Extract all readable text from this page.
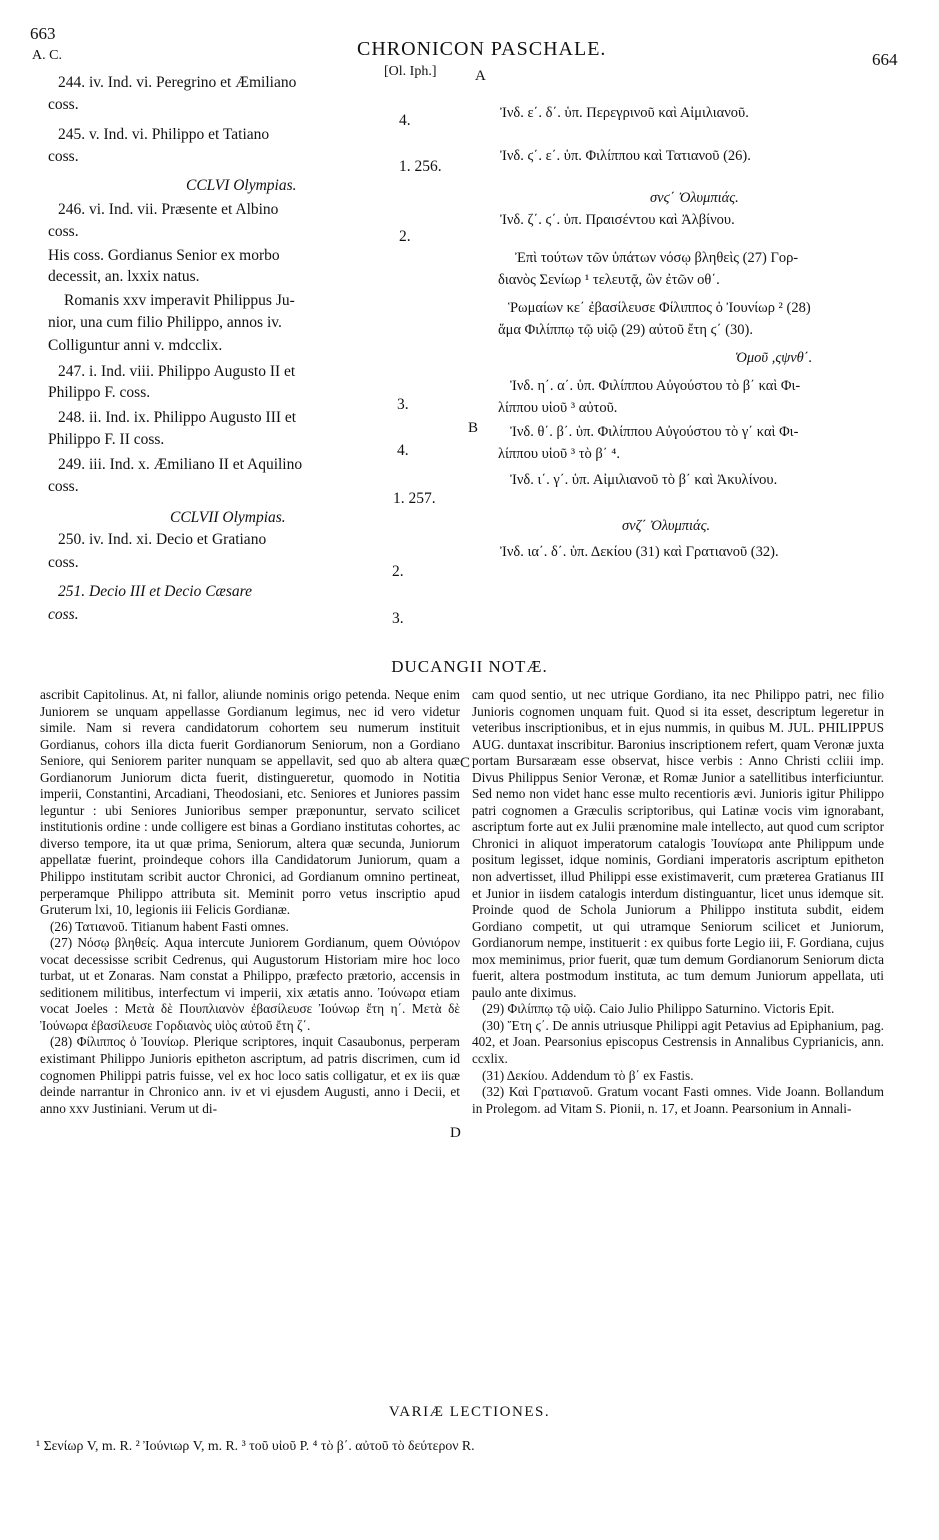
663
CHRONICON PASCHALE.	664
A. C.
[Ol. Iph.]	A
244. iv. Ind. vi. Peregrino et Æmiliano
coss.
245. v. Ind. vi. Philippo et Tatiano
coss.
246. vi. Ind. vii. Præsente et Albino
coss.
His coss. Gordianus Senior ex morbo
decessit, an. lxxix natus.
Romanis xxv imperavit Philippus Ju-
nior, una cum filio Philippo, annos iv.
Colliguntur anni v. mdcclix.
247. i. Ind. viii. Philippo Augusto II et
Philippo F. coss.
248. ii. Ind. ix. Philippo Augusto III et
Philippo F. II coss.
249. iii. Ind. x. Æmiliano II et Aquilino
coss.
250. iv. Ind. xi. Decio et Gratiano
coss.
251. Decio III et Decio Cæsare
coss.
CCLVI Olympias.
CCLVII Olympias.
4.
1. 256.
2.
3.
4.
1. 257.
2.
3.
Ἰνδ. ε΄. δ΄. ὑπ. Περεγρινοῦ καὶ Αἰμιλιανοῦ.
Ἰνδ. ϛ΄. ε΄. ὑπ. Φιλίππου καὶ Τατιανοῦ (26).
Ἰνδ. ζ΄. ϛ΄. ὑπ. Πραισέντου καὶ Ἀλβίνου.
Ἐπὶ τούτων τῶν ὑπάτων νόσῳ βληθεὶς (27) Γορ-
διανὸς Σενίωρ ¹ τελευτᾷ, ὢν ἐτῶν οθ΄.
Ῥωμαίων κε΄ ἐβασίλευσε Φίλιππος ὁ Ἰουνίωρ ² (28)
ἅμα Φιλίππῳ τῷ υἱῷ (29) αὐτοῦ ἔτη ϛ΄ (30).
Ἰνδ. η΄. α΄. ὑπ. Φιλίππου Αὐγούστου τὸ β΄ καὶ Φι-
λίππου υἱοῦ ³ αὐτοῦ.
Ἰνδ. θ΄. β΄. ὑπ. Φιλίππου Αὐγούστου τὸ γ΄ καὶ Φι-
λίππου υἱοῦ ³ τὸ β΄ ⁴.
Ἰνδ. ι΄. γ΄. ὑπ. Αἰμιλιανοῦ τὸ β΄ καὶ Ἀκυλίνου.
Ἰνδ. ια΄. δ΄. ὑπ. Δεκίου (31) καὶ Γρατιανοῦ (32).
σνϛ΄ Ὀλυμπιάς.
Ὁμοῦ ,ςψνθ΄.
σνζ΄ Ὀλυμπιάς.
B
DUCANGII NOTÆ.

ascribit Capitolinus. At, ni fallor, aliunde nominis origo petenda. Neque enim Juniorem se unquam appellasse Gordianum legimus, nec id vero videtur simile. Nam si revera candidatorum cohortem seu numerum instituit Gordianus, cohors illa dicta fuerit Gordianorum Seniorum, non a Gordiano Seniore, qui Seniorem pariter nunquam se appellavit, sed quo ab altera quæ Gordianorum Juniorum dicta fuerit, distingueretur, quomodo in Notitia imperii, Constantini, Arcadiani, Theodosiani, etc. Seniores et Juniores passim leguntur : ubi Seniores Junioribus semper præponuntur, servato scilicet institutionis ordine : unde colligere est binas a Gordiano institutas cohortes, ac diverso tempore, ita ut quæ prima, Seniorum, altera quæ secunda, Juniorum appellatæ fuerint, proindeque cohors illa Candidatorum Juniorum, quam a Philippo institutam scribit auctor Chronici, ad Gordianum omnino pertineat, perperamque Philippo attributa sit. Meminit porro vetus inscriptio apud Gruterum lxi, 10, legionis iii Felicis Gordianæ.

(26) Τατιανοῦ. Titianum habent Fasti omnes.

(27) Νόσῳ βληθείς. Aqua intercute Juniorem Gordianum, quem Οὐνιόρον vocat decessisse scribit Cedrenus, qui Augustorum Historiam mire hoc loco turbat, ut et Zonaras. Nam constat a Philippo, præfecto prætorio, accensis in seditionem militibus, interfectum vi imperii, xix ætatis anno. Ἰούνωρα etiam vocat Joeles : Μετὰ δὲ Πουπλιανὸν ἐβασίλευσε Ἰούνωρ ἔτη η΄. Μετὰ δὲ Ἰούνωρα ἐβασίλευσε Γορδιανὸς υἱὸς αὐτοῦ ἔτη ζ΄.

(28) Φίλιππος ὁ Ἰουνίωρ. Plerique scriptores, inquit Casaubonus, perperam existimant Philippo Junioris epitheton ascriptum, ad patris discrimen, cum id cognomen Philippi patris fuisse, vel ex hoc loco satis colligatur, et ex iis quæ deinde narrantur in Chronico ann. iv et vi ejusdem Augusti, anno i Decii, et anno xxv Justiniani. Verum ut di-

cam quod sentio, ut nec utrique Gordiano, ita nec Philippo patri, nec filio Junioris cognomen unquam fuit. Quod si ita esset, descriptum legeretur in veteribus inscriptionibus, et in ejus nummis, in quibus M. JUL. PHILIPPUS AUG. duntaxat inscribitur. Baronius inscriptionem refert, quam Veronæ juxta portam Bursaræam esse observat, hisce verbis : Anno Christi ccliii imp. Divus Philippus Senior Veronæ, et Romæ Junior a satellitibus interficiuntur. Sed nemo non videt hanc esse multo recentioris ævi. Junioris igitur Philippo patri cognomen a Græculis scriptoribus, qui Latinæ vocis vim ignorabant, ascriptum forte aut ex Julii prænomine male intellecto, aut quod cum scriptor Chronici in aliquot imperatorum catalogis Ἰουνίωρα ante Philippum unde positum legisset, idque nominis, Gordiani imperatoris ascriptum epitheton non advertisset, illud Philippi esse existimaverit, cum præterea Gratianus III et Junior in iisdem catalogis interdum distinguantur, licet unus idemque sit. Proinde quod de Schola Juniorum a Philippo instituta subdit, eidem Gordiano competit, ut qui utramque Seniorum scilicet et Juniorum, Gordianorum nempe, instituerit : ex quibus forte Legio iii, F. Gordiana, cujus mox meminimus, prior fuerit, quæ tum demum Gordianorum Seniorum dicta fuerit, altera postmodum instituta, ac tum demum Juniorum appellata, uti paulo ante diximus.

(29) Φιλίππῳ τῷ υἱῷ. Caio Julio Philippo Saturnino. Victoris Epit.

(30) Ἔτη ϛ΄. De annis utriusque Philippi agit Petavius ad Epiphanium, pag. 402, et Joan. Pearsonius episcopus Cestrensis in Annalibus Cyprianicis, ann. ccxlix.

(31) Δεκίου. Addendum τὸ β΄ ex Fastis.

(32) Καὶ Γρατιανοῦ. Gratum vocant Fasti omnes. Vide Joann. Bollandum in Prolegom. ad Vitam S. Pionii, n. 17, et Joann. Pearsonium in Annali-

C
D
VARIÆ LECTIONES.
¹ Σενίωρ V, m. R. ² Ἰούνιωρ V, m. R. ³ τοῦ υἱοῦ P. ⁴ τὸ β΄. αὐτοῦ τὸ δεύτερον R.
